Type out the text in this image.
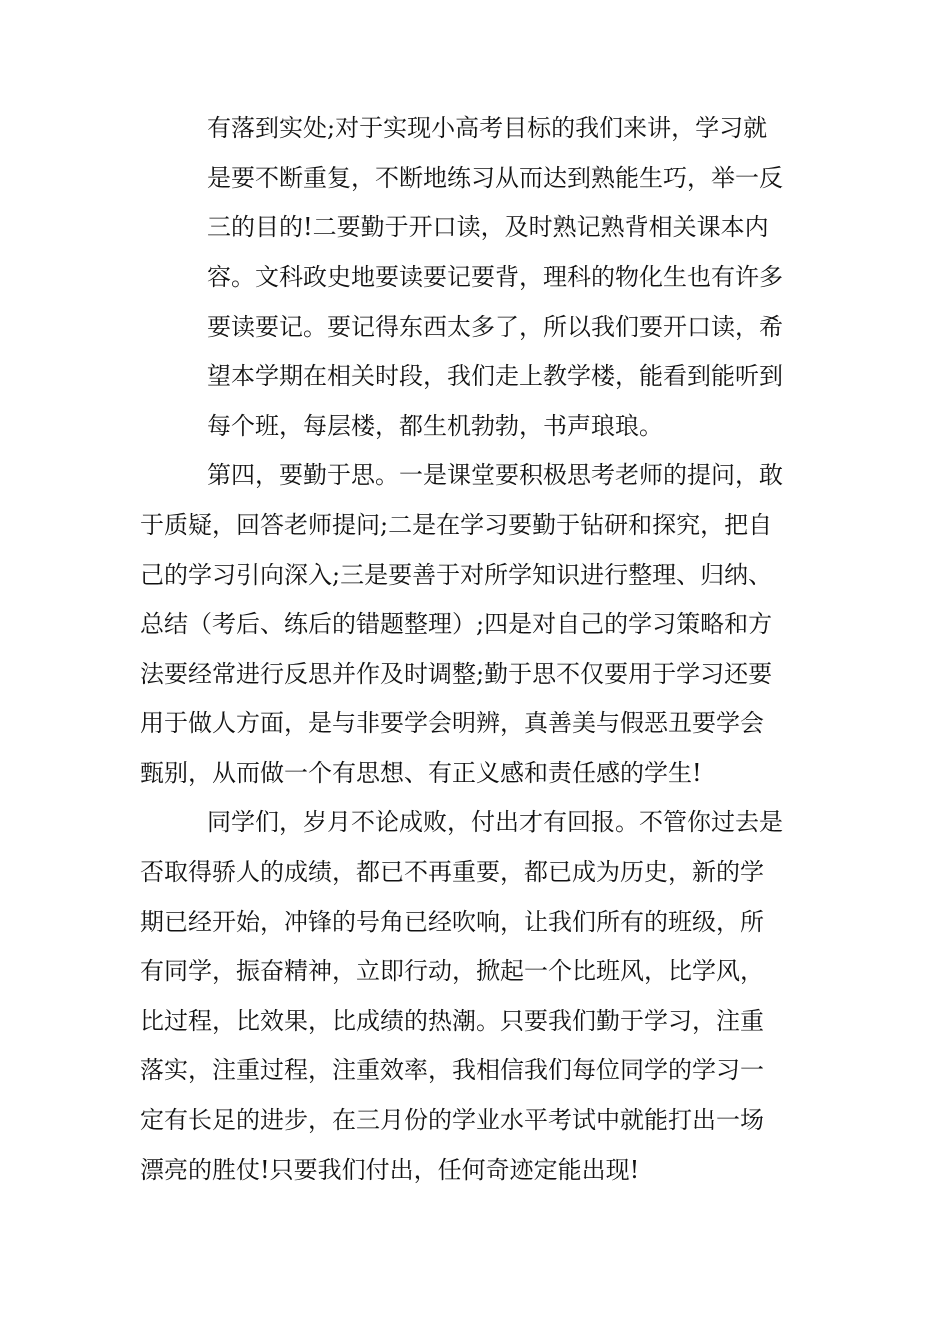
有落到实处;对于实现小高考目标的我们来讲，学习就
是要不断重复，不断地练习从而达到熟能生巧，举一反
三的目的!二要勤于开口读，及时熟记熟背相关课本内
容。文科政史地要读要记要背，理科的物化生也有许多
要读要记。要记得东西太多了，所以我们要开口读，希
望本学期在相关时段，我们走上教学楼，能看到能听到
每个班，每层楼，都生机勃勃，书声琅琅。
第四，要勤于思。一是课堂要积极思考老师的提问，敢
于质疑，回答老师提问;二是在学习要勤于钻研和探究，把自
己的学习引向深入;三是要善于对所学知识进行整理、归纳、
总结（考后、练后的错题整理）;四是对自己的学习策略和方
法要经常进行反思并作及时调整;勤于思不仅要用于学习还要
用于做人方面，是与非要学会明辨，真善美与假恶丑要学会
甄别，从而做一个有思想、有正义感和责任感的学生!
同学们，岁月不论成败，付出才有回报。不管你过去是
否取得骄人的成绩，都已不再重要，都已成为历史，新的学
期已经开始，冲锋的号角已经吹响，让我们所有的班级，所
有同学，振奋精神，立即行动，掀起一个比班风，比学风，
比过程，比效果，比成绩的热潮。只要我们勤于学习，注重
落实，注重过程，注重效率，我相信我们每位同学的学习一
定有长足的进步，在三月份的学业水平考试中就能打出一场
漂亮的胜仗!只要我们付出，任何奇迹定能出现!
